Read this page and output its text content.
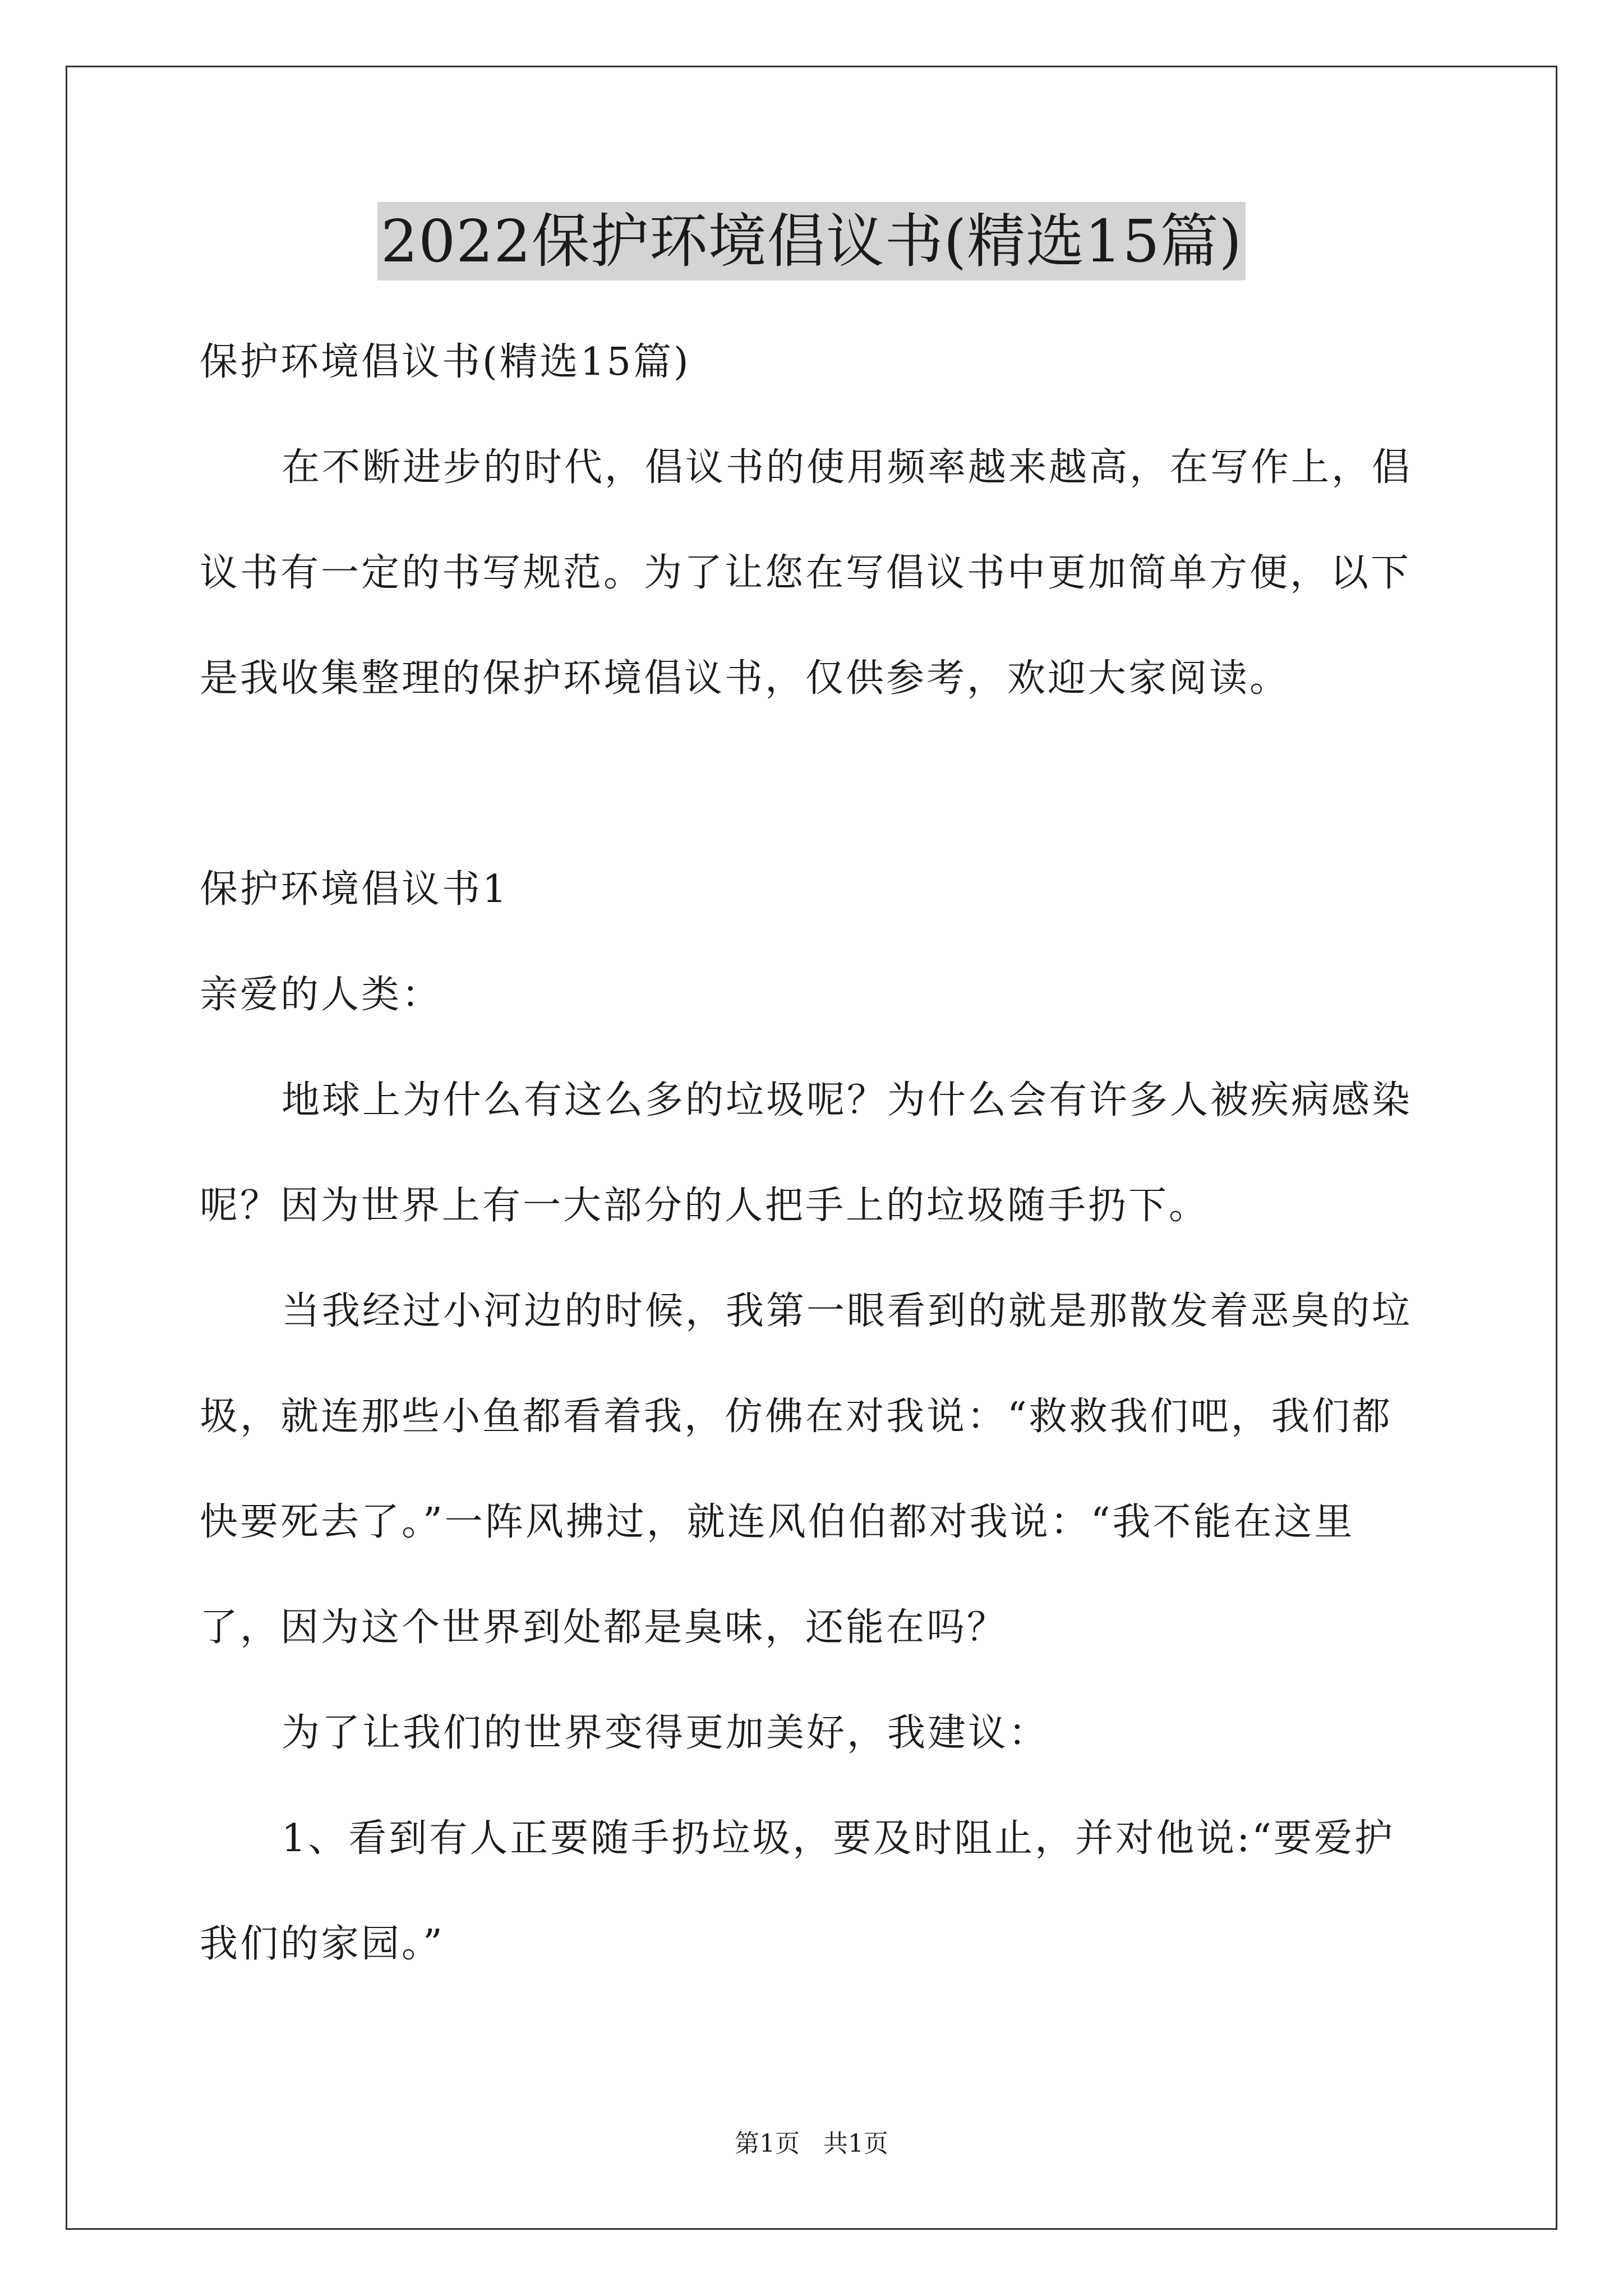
2022保护环境倡议书(精选15篇)

保护环境倡议书(精选15篇)

在不断进步的时代，倡议书的使用频率越来越高，在写作上，倡

议书有一定的书写规范。为了让您在写倡议书中更加简单方便，以下

是我收集整理的保护环境倡议书，仅供参考，欢迎大家阅读。

保护环境倡议书1

亲爱的人类：

地球上为什么有这么多的垃圾呢？为什么会有许多人被疾病感染

呢？因为世界上有一大部分的人把手上的垃圾随手扔下。

当我经过小河边的时候，我第一眼看到的就是那散发着恶臭的垃

圾，就连那些小鱼都看着我，仿佛在对我说：“救救我们吧，我们都

快要死去了。”一阵风拂过，就连风伯伯都对我说：“我不能在这里

了，因为这个世界到处都是臭味，还能在吗？

为了让我们的世界变得更加美好，我建议：

1、看到有人正要随手扔垃圾，要及时阻止，并对他说:“要爱护

我们的家园。”

第1页   共1页
